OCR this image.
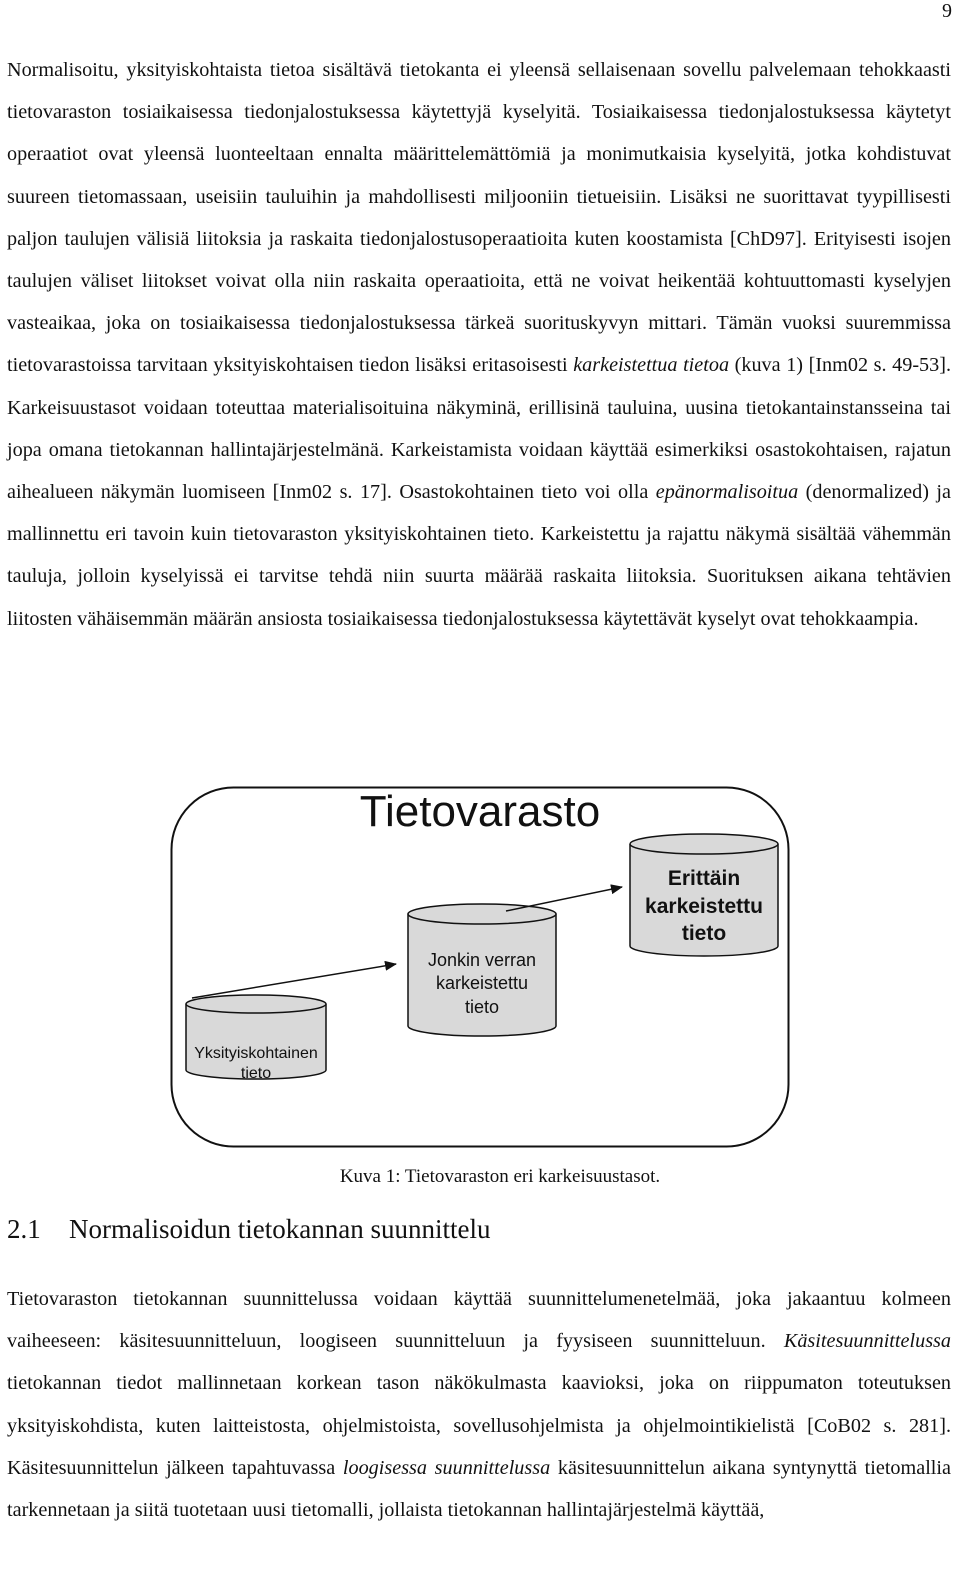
9

Normalisoitu, yksityiskohtaista tietoa sisältävä tietokanta ei yleensä sellaisenaan sovellu palvelemaan tehokkaasti tietovaraston tosiaikaisessa tiedonjalostuksessa käytettyjä kyselyitä. Tosiaikaisessa tiedonjalostuksessa käytetyt operaatiot ovat yleensä luonteeltaan ennalta määrittelemättömiä ja monimutkaisia kyselyitä, jotka kohdistuvat suureen tietomassaan, useisiin tauluihin ja mahdollisesti miljooniin tietueisiin. Lisäksi ne suorittavat tyypillisesti paljon taulujen välisiä liitoksia ja raskaita tiedonjalostusoperaatioita kuten koostamista [ChD97]. Erityisesti isojen taulujen väliset liitokset voivat olla niin raskaita operaatioita, että ne voivat heikentää kohtuuttomasti kyselyjen vasteaikaa, joka on tosiaikaisessa tiedonjalostuksessa tärkeä suorituskyvyn mittari. Tämän vuoksi suuremmissa tietovarastoissa tarvitaan yksityiskohtaisen tiedon lisäksi eritasoisesti karkeistettua tietoa (kuva 1) [Inm02 s. 49-53]. Karkeisuustasot voidaan toteuttaa materialisoituina näkyminä, erillisinä tauluina, uusina tietokantainstansseina tai jopa omana tietokannan hallintajärjestelmänä. Karkeistamista voidaan käyttää esimerkiksi osastokohtaisen, rajatun aihealueen näkymän luomiseen [Inm02 s. 17]. Osastokohtainen tieto voi olla epänormalisoitua (denormalized) ja mallinnettu eri tavoin kuin tietovaraston yksityiskohtainen tieto. Karkeistettu ja rajattu näkymä sisältää vähemmän tauluja, jolloin kyselyissä ei tarvitse tehdä niin suurta määrää raskaita liitoksia. Suorituksen aikana tehtävien liitosten vähäisemmän määrän ansiosta tosiaikaisessa tiedonjalostuksessa käytettävät kyselyt ovat tehokkaampia.

Tietovarasto
Yksityiskohtainen
tieto
Jonkin verran
karkeistettu
tieto
Erittäin
karkeistettu
tieto
Kuva 1: Tietovaraston eri karkeisuustasot.
2.1 Normalisoidun tietokannan suunnittelu

Tietovaraston tietokannan suunnittelussa voidaan käyttää suunnittelumenetelmää, joka jakaantuu kolmeen vaiheeseen: käsitesuunnitteluun, loogiseen suunnitteluun ja fyysiseen suunnitteluun. Käsitesuunnittelussa tietokannan tiedot mallinnetaan korkean tason näkökulmasta kaavioksi, joka on riippumaton toteutuksen yksityiskohdista, kuten laitteistosta, ohjelmistoista, sovellusohjelmista ja ohjelmointikielistä [CoB02 s. 281]. Käsitesuunnittelun jälkeen tapahtuvassa loogisessa suunnittelussa käsitesuunnittelun aikana syntynyttä tietomallia tarkennetaan ja siitä tuotetaan uusi tietomalli, jollaista tietokannan hallintajärjestelmä käyttää,
